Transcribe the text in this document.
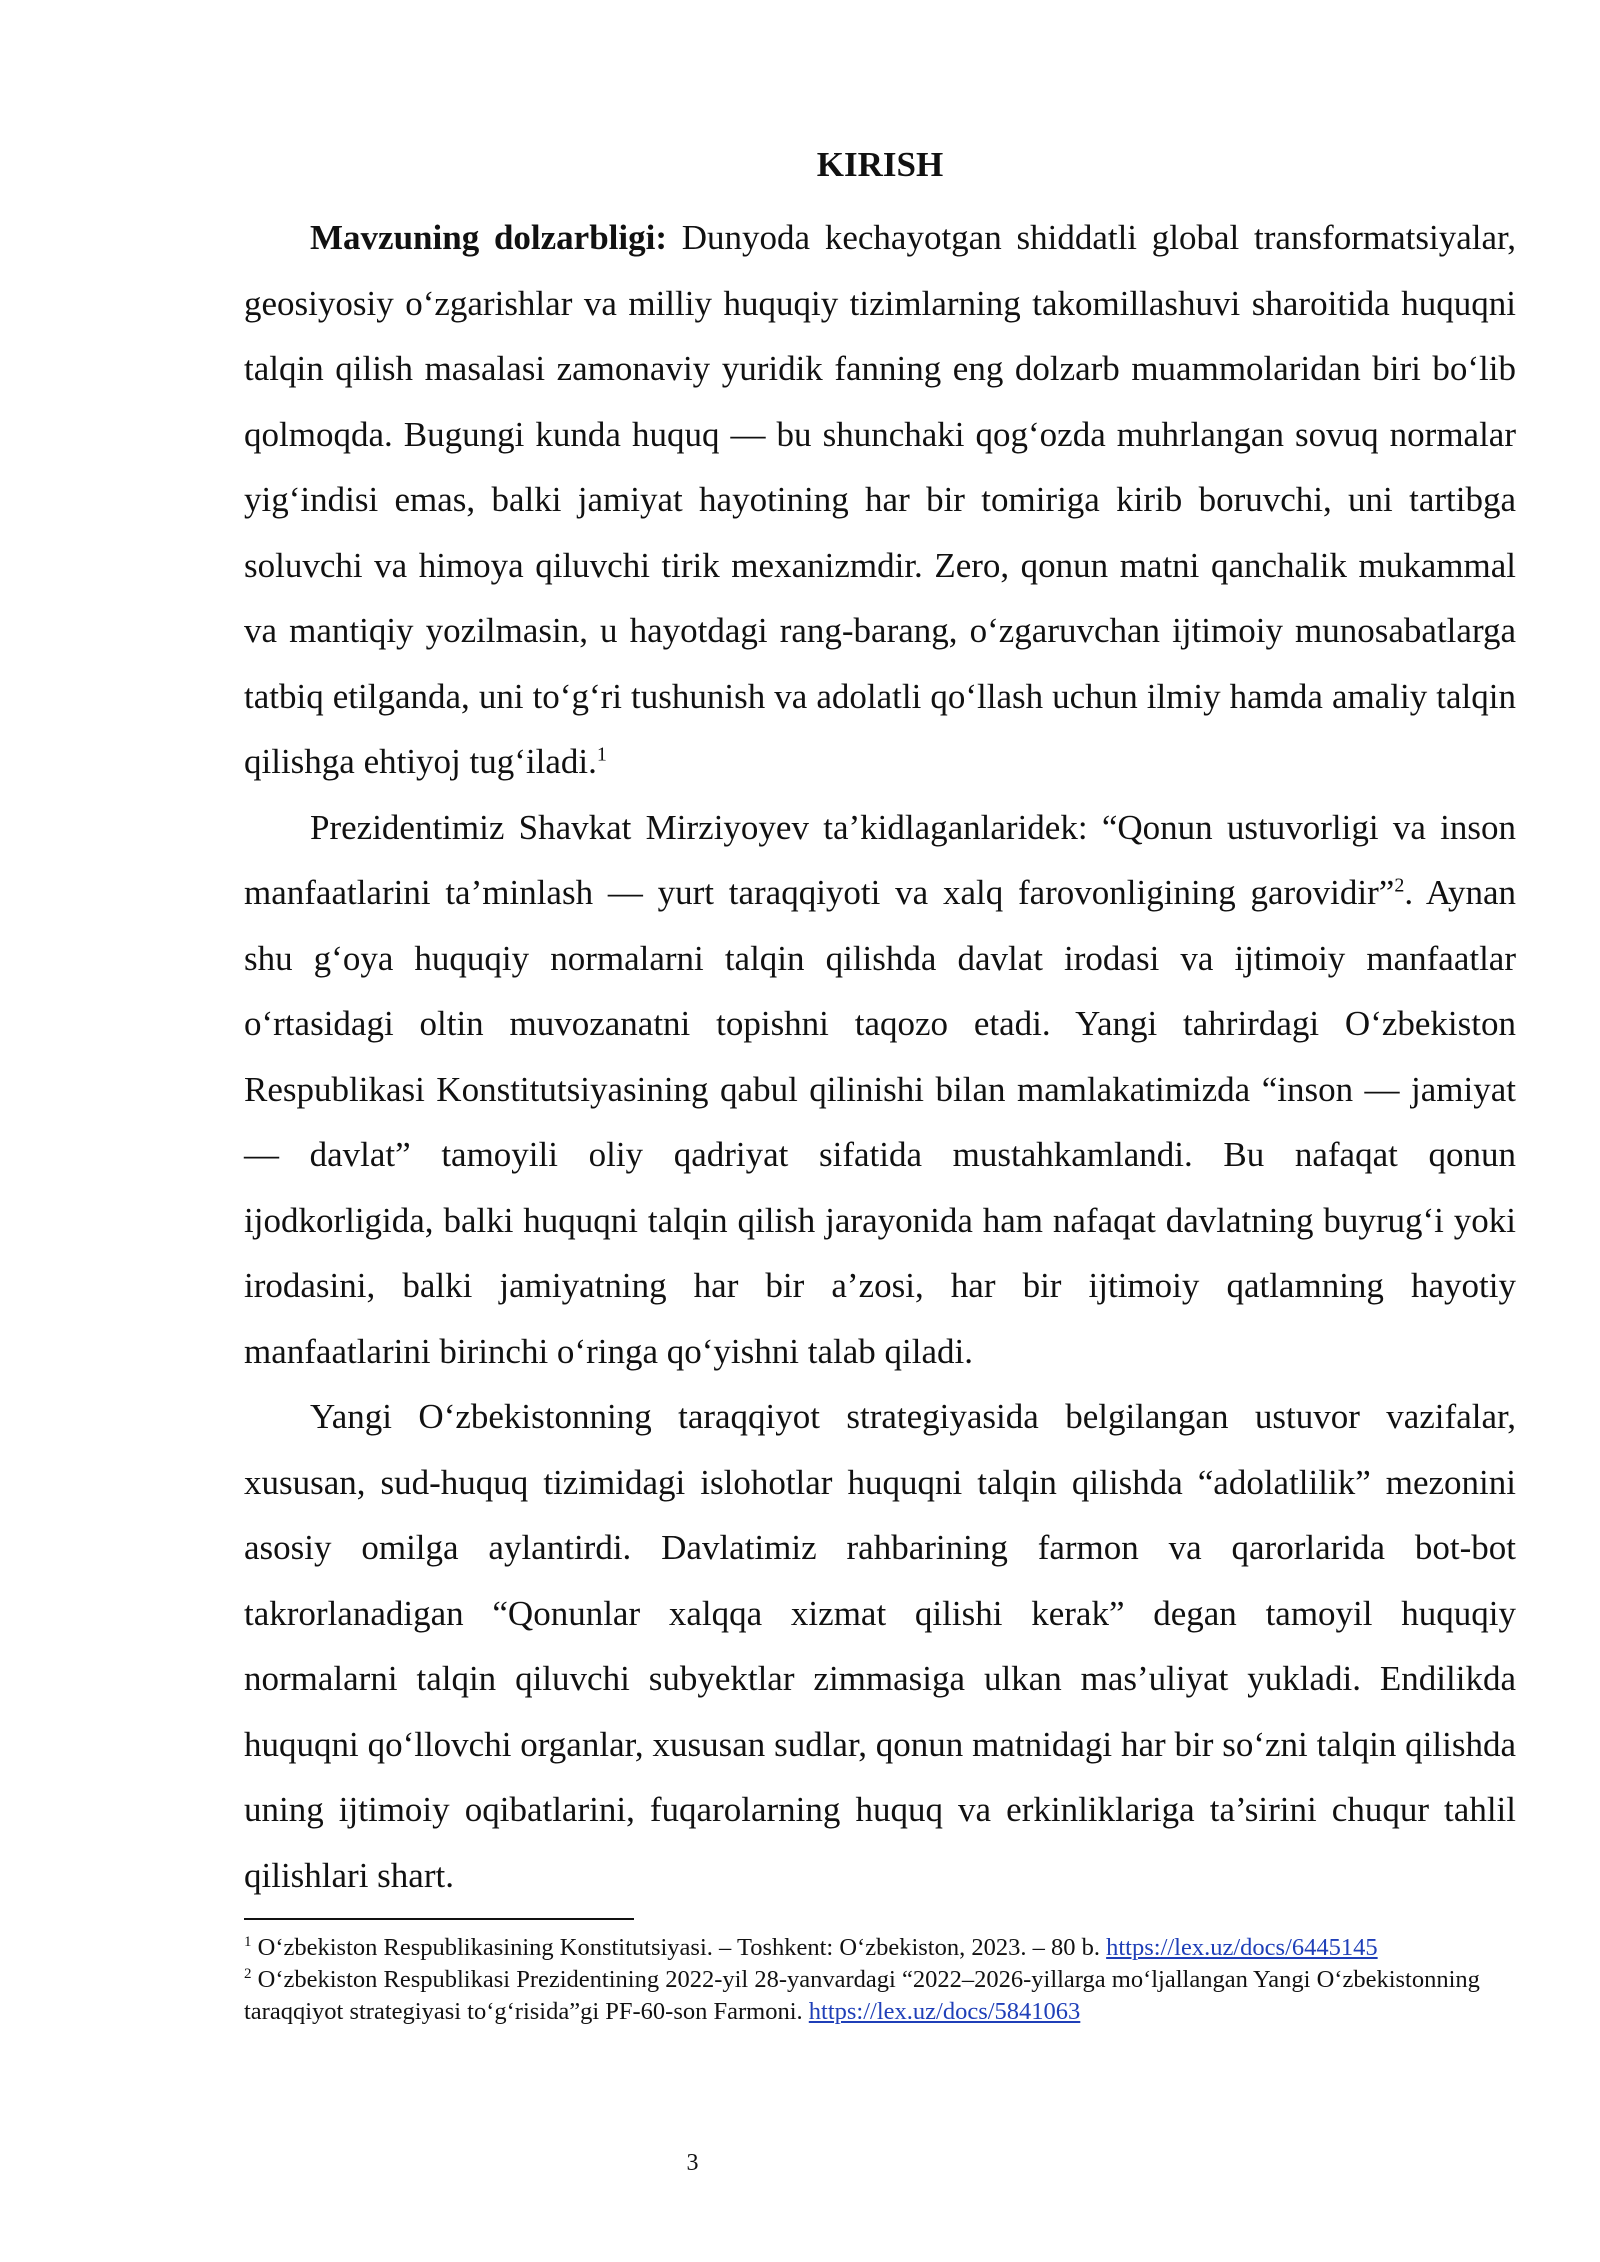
KIRISH

Mavzuning dolzarbligi: Dunyoda kechayotgan shiddatli global transformatsiyalar, geosiyosiy oʻzgarishlar va milliy huquqiy tizimlarning takomillashuvi sharoitida huquqni talqin qilish masalasi zamonaviy yuridik fanning eng dolzarb muammolaridan biri boʻlib qolmoqda. Bugungi kunda huquq — bu shunchaki qogʻozda muhrlangan sovuq normalar yigʻindisi emas, balki jamiyat hayotining har bir tomiriga kirib boruvchi, uni tartibga soluvchi va himoya qiluvchi tirik mexanizmdir. Zero, qonun matni qanchalik mukammal va mantiqiy yozilmasin, u hayotdagi rang-barang, oʻzgaruvchan ijtimoiy munosabatlarga tatbiq etilganda, uni toʻgʻri tushunish va adolatli qoʻllash uchun ilmiy hamda amaliy talqin qilishga ehtiyoj tugʻiladi.$^1$

Prezidentimiz Shavkat Mirziyoyev ta’kidlaganlaridek: “Qonun ustuvorligi va inson manfaatlarini ta’minlash — yurt taraqqiyoti va xalq farovonligining garovidir”$^2$. Aynan shu gʻoya huquqiy normalarni talqin qilishda davlat irodasi va ijtimoiy manfaatlar oʻrtasidagi oltin muvozanatni topishni taqozo etadi. Yangi tahrirdagi Oʻzbekiston Respublikasi Konstitutsiyasining qabul qilinishi bilan mamlakatimizda “inson — jamiyat — davlat” tamoyili oliy qadriyat sifatida mustahkamlandi. Bu nafaqat qonun ijodkorligida, balki huquqni talqin qilish jarayonida ham nafaqat davlatning buyrugʻi yoki irodasini, balki jamiyatning har bir a’zosi, har bir ijtimoiy qatlamning hayotiy manfaatlarini birinchi oʻringa qoʻyishni talab qiladi.

Yangi Oʻzbekistonning taraqqiyot strategiyasida belgilangan ustuvor vazifalar, xususan, sud-huquq tizimidagi islohotlar huquqni talqin qilishda “adolatlilik” mezonini asosiy omilga aylantirdi. Davlatimiz rahbarining farmon va qarorlarida bot-bot takrorlanadigan “Qonunlar xalqqa xizmat qilishi kerak” degan tamoyil huquqiy normalarni talqin qiluvchi subyektlar zimmasiga ulkan mas’uliyat yukladi. Endilikda huquqni qoʻllovchi organlar, xususan sudlar, qonun matnidagi har bir soʻzni talqin qilishda uning ijtimoiy oqibatlarini, fuqarolarning huquq va erkinliklariga ta’sirini chuqur tahlil qilishlari shart.

$^1$ Oʻzbekiston Respublikasining Konstitutsiyasi. – Toshkent: Oʻzbekiston, 2023. – 80 b. https://lex.uz/docs/6445145

$^2$ Oʻzbekiston Respublikasi Prezidentining 2022-yil 28-yanvardagi “2022–2026-yillarga moʻljallangan Yangi Oʻzbekistonning taraqqiyot strategiyasi toʻgʻrisida”gi PF-60-son Farmoni. https://lex.uz/docs/5841063

3
